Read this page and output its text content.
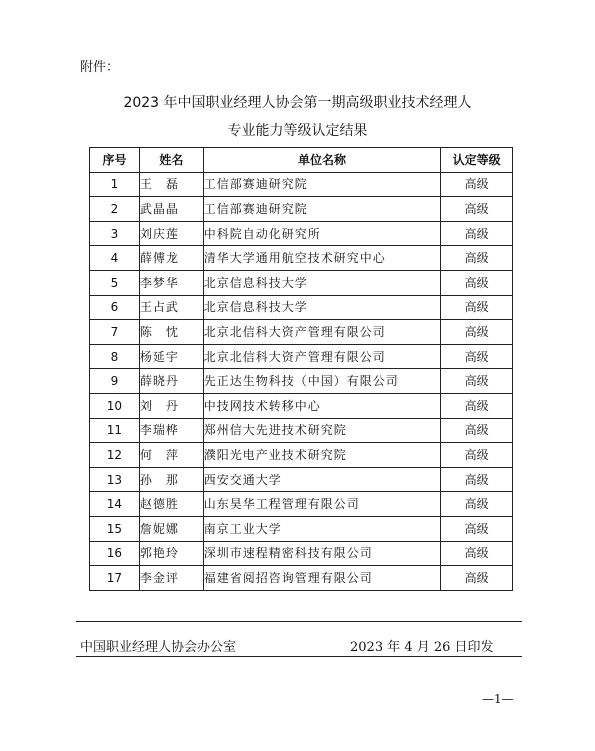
附件：
2023 年中国职业经理人协会第一期高级职业技术经理人
专业能力等级认定结果
序号	姓名	单位名称	认定等级
1	王　磊	工信部赛迪研究院	高级
2	武晶晶	工信部赛迪研究院	高级
3	刘庆莲	中科院自动化研究所	高级
4	薛傅龙	清华大学通用航空技术研究中心	高级
5	李梦华	北京信息科技大学	高级
6	王占武	北京信息科技大学	高级
7	陈　忱	北京北信科大资产管理有限公司	高级
8	杨延宇	北京北信科大资产管理有限公司	高级
9	薛晓丹	先正达生物科技（中国）有限公司	高级
10	刘　丹	中技网技术转移中心	高级
11	李瑞桦	郑州信大先进技术研究院	高级
12	何　萍	濮阳光电产业技术研究院	高级
13	孙　那	西安交通大学	高级
14	赵德胜	山东昊华工程管理有限公司	高级
15	詹妮娜	南京工业大学	高级
16	郭艳玲	深圳市速程精密科技有限公司	高级
17	李金评	福建省阅招咨询管理有限公司	高级
中国职业经理人协会办公室	2023 年 4 月 26 日印发
—1—
